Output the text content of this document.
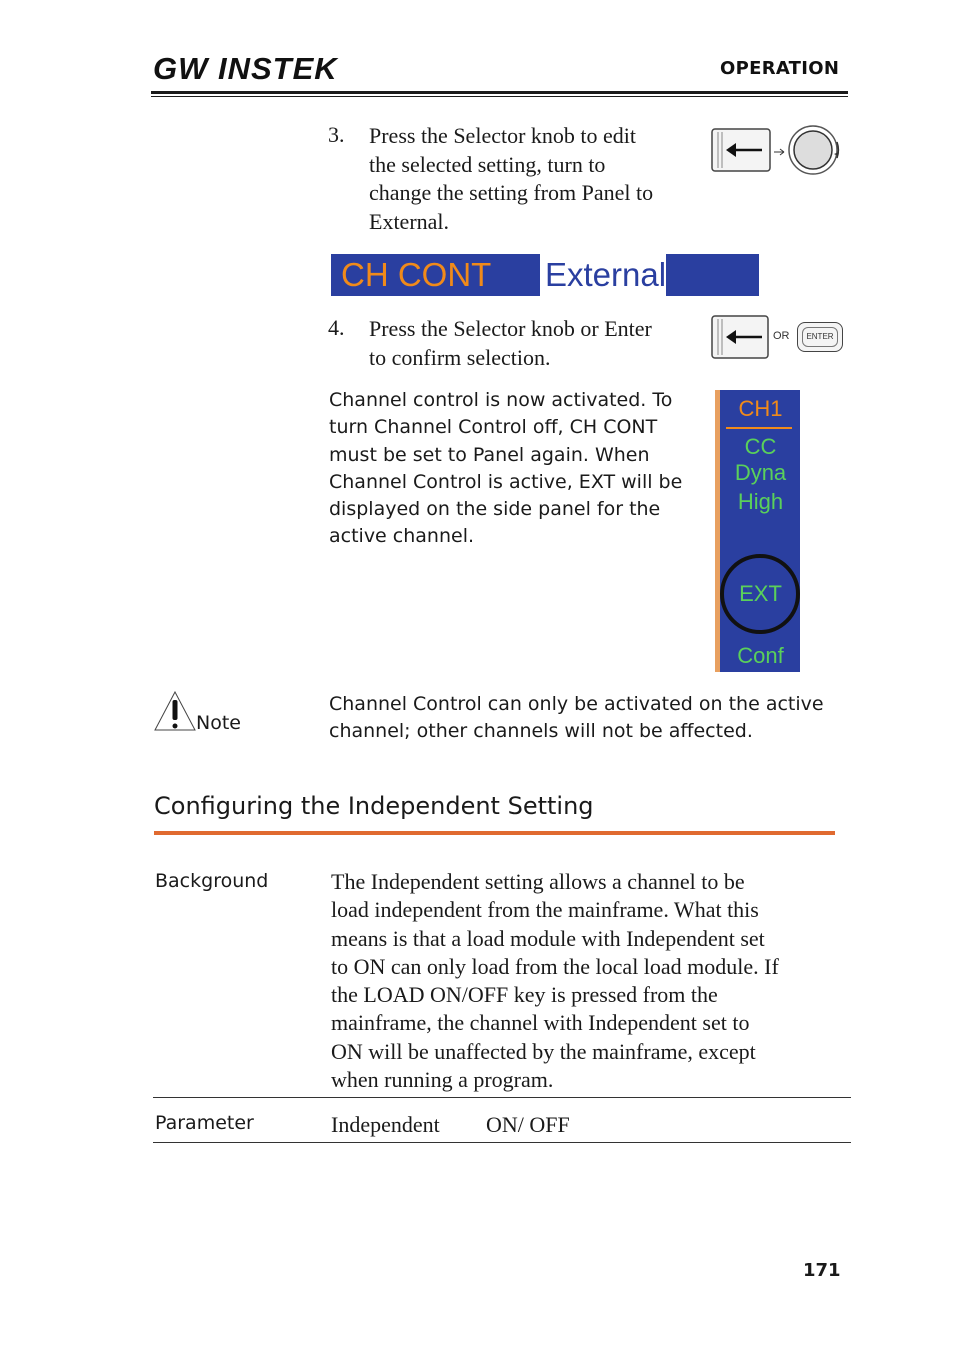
GW INSTEK	OPERATION
3. Press the Selector knob to edit
the selected setting, turn to
change the setting from Panel to
External.
CH CONT External
4. Press the Selector knob or Enter
to confirm selection.
OR	ENTER
Channel control is now activated. To
turn Channel Control off, CH CONT
must be set to Panel again. When
Channel Control is active, EXT will be
displayed on the side panel for the
active channel.
CH1
CC
Dyna
High
EXT
Conf
Note
Channel Control can only be activated on the active
channel; other channels will not be affected.
Configuring the Independent Setting
Background	The Independent setting allows a channel to be
load independent from the mainframe. What this
means is that a load module with Independent set
to ON can only load from the local load module. If
the LOAD ON/OFF key is pressed from the
mainframe, the channel with Independent set to
ON will be unaffected by the mainframe, except
when running a program.
Parameter	Independent ON/ OFF
171
